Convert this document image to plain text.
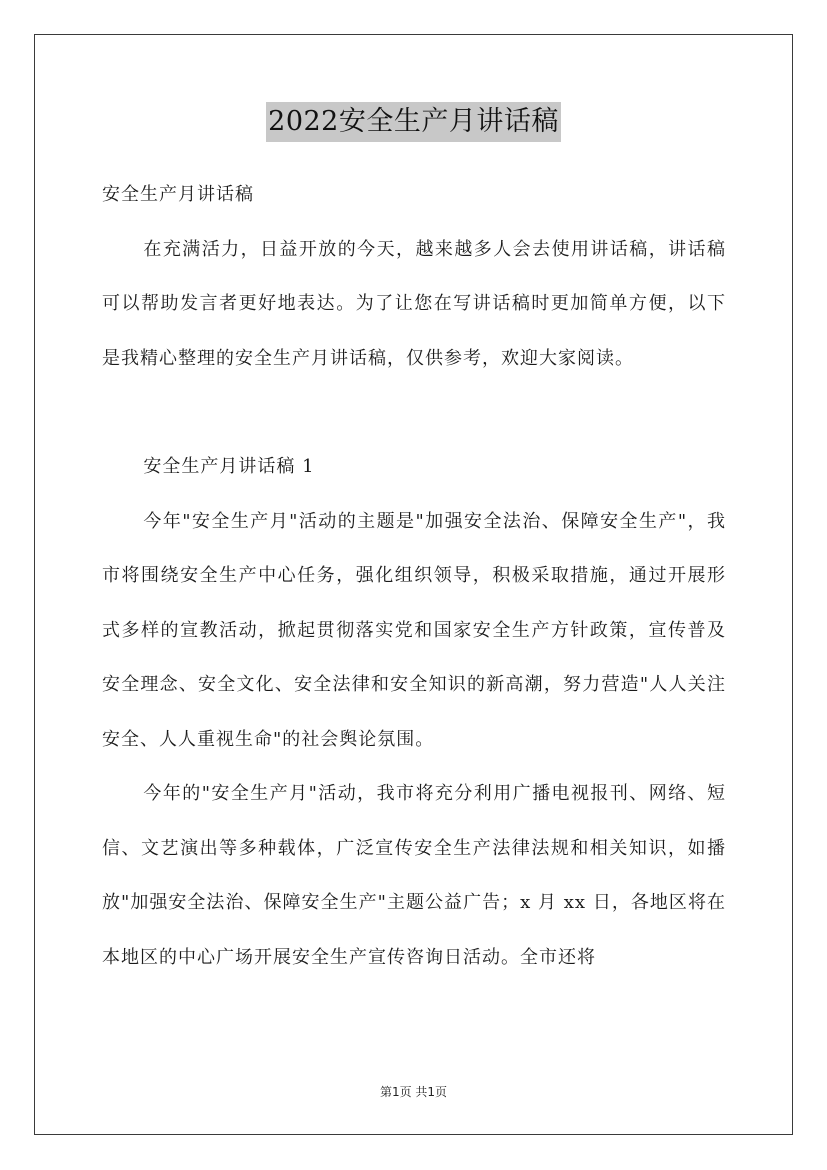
2022安全生产月讲话稿

安全生产月讲话稿

在充满活力，日益开放的今天，越来越多人会去使用讲话稿，讲话稿可以帮助发言者更好地表达。为了让您在写讲话稿时更加简单方便，以下是我精心整理的安全生产月讲话稿，仅供参考，欢迎大家阅读。

安全生产月讲话稿 1

今年"安全生产月"活动的主题是"加强安全法治、保障安全生产"，我市将围绕安全生产中心任务，强化组织领导，积极采取措施，通过开展形式多样的宣教活动，掀起贯彻落实党和国家安全生产方针政策，宣传普及安全理念、安全文化、安全法律和安全知识的新高潮，努力营造"人人关注安全、人人重视生命"的社会舆论氛围。

今年的"安全生产月"活动，我市将充分利用广播电视报刊、网络、短信、文艺演出等多种载体，广泛宣传安全生产法律法规和相关知识，如播放"加强安全法治、保障安全生产"主题公益广告；x 月 xx 日，各地区将在本地区的中心广场开展安全生产宣传咨询日活动。全市还将

第1页 共1页
